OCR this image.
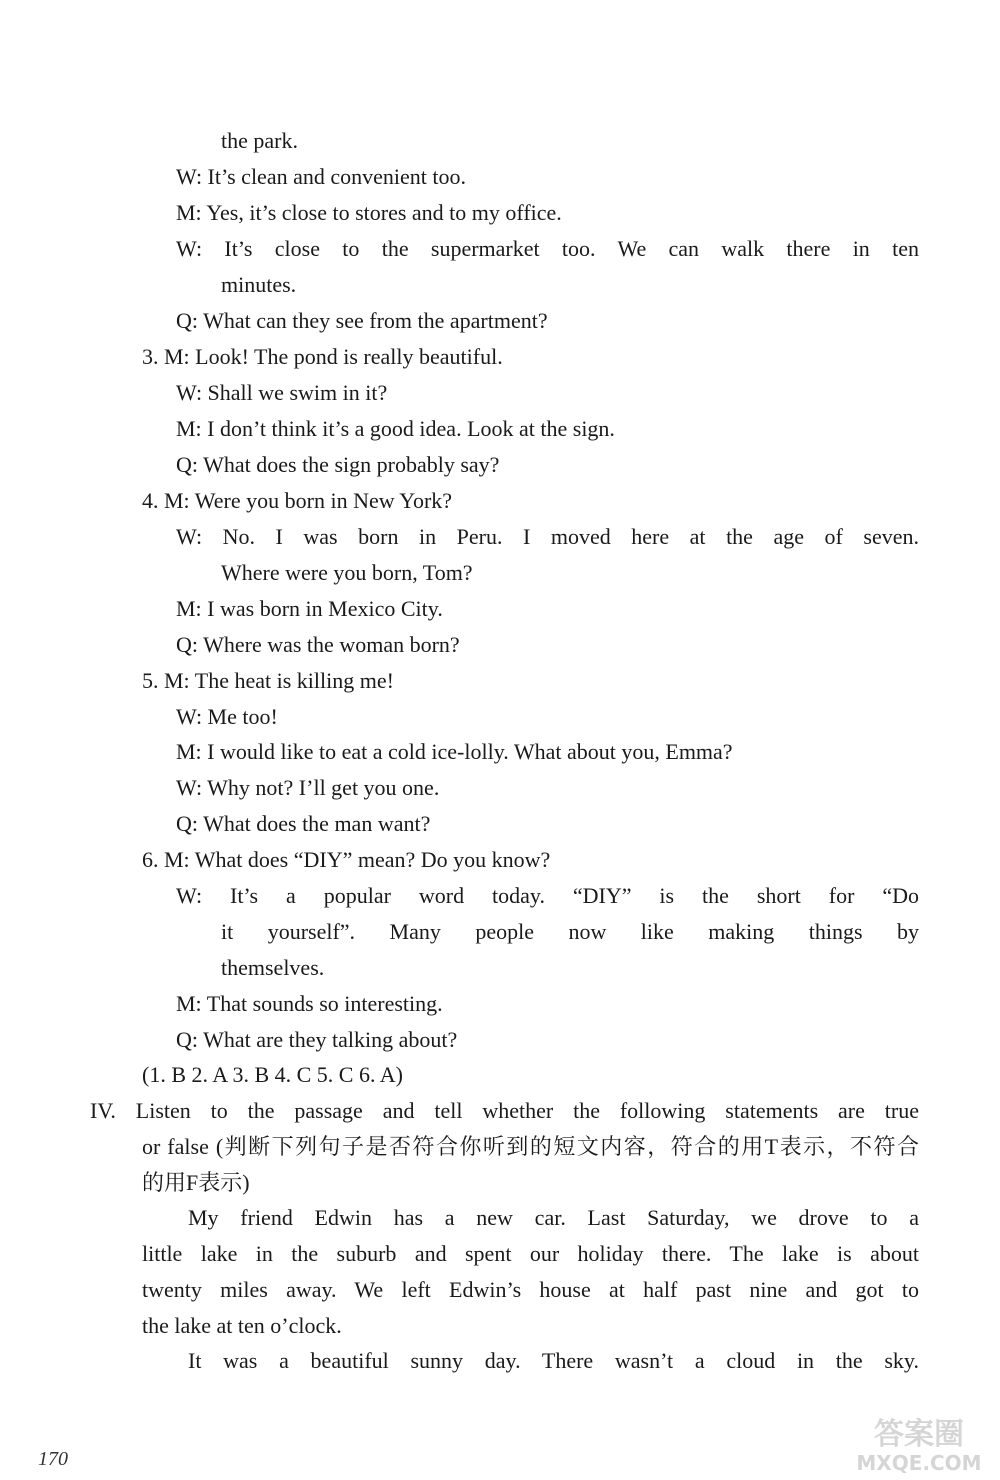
the park.
W: It’s clean and convenient too.
M: Yes, it’s close to stores and to my office.
W: It’s close to the supermarket too. We can walk there in ten
minutes.
Q: What can they see from the apartment?
3. M: Look! The pond is really beautiful.
W: Shall we swim in it?
M: I don’t think it’s a good idea. Look at the sign.
Q: What does the sign probably say?
4. M: Were you born in New York?
W: No. I was born in Peru. I moved here at the age of seven.
Where were you born, Tom?
M: I was born in Mexico City.
Q: Where was the woman born?
5. M: The heat is killing me!
W: Me too!
M: I would like to eat a cold ice-lolly. What about you, Emma?
W: Why not? I’ll get you one.
Q: What does the man want?
6. M: What does “DIY” mean? Do you know?
W: It’s a popular word today. “DIY” is the short for “Do
it yourself”. Many people now like making things by
themselves.
M: That sounds so interesting.
Q: What are they talking about?
(1. B 2. A 3. B 4. C 5. C 6. A)
IV. Listen to the passage and tell whether the following statements are true
or false (判断下列句子是否符合你听到的短文内容，符合的用T表示，不符合
的用F表示)
My friend Edwin has a new car. Last Saturday, we drove to a
little lake in the suburb and spent our holiday there. The lake is about
twenty miles away. We left Edwin’s house at half past nine and got to
the lake at ten o’clock.
It was a beautiful sunny day. There wasn’t a cloud in the sky.
170
答案圈
MXQE.COM
